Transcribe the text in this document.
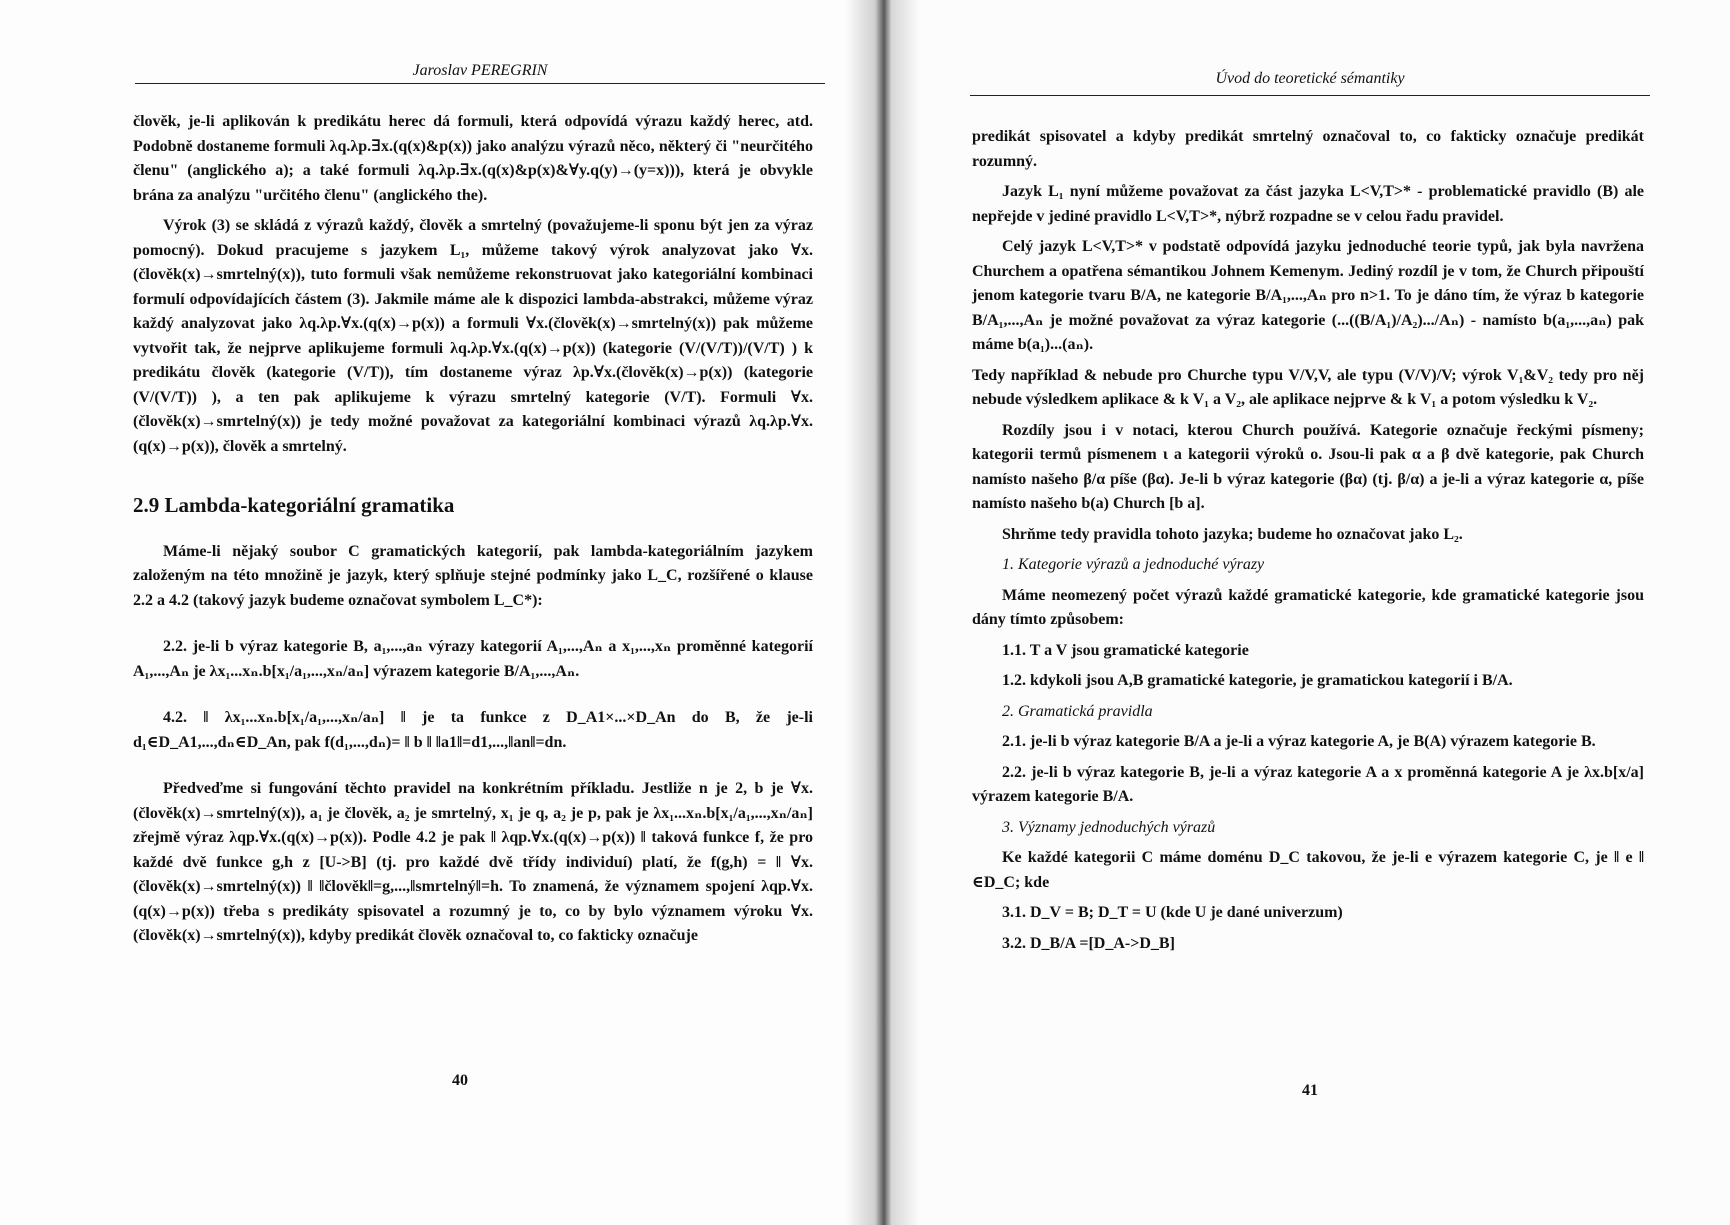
Jaroslav PEREGRIN

člověk, je-li aplikován k predikátu herec dá formuli, která odpovídá výrazu každý herec, atd. Podobně dostaneme formuli λq.λp.∃x.(q(x)&p(x)) jako analýzu výrazů něco, některý či "neurčitého členu" (anglického a); a také formuli λq.λp.∃x.(q(x)&p(x)&∀y.q(y)→(y=x))), která je obvykle brána za analýzu "určitého členu" (anglického the).

Výrok (3) se skládá z výrazů každý, člověk a smrtelný (považujeme-li sponu být jen za výraz pomocný). Dokud pracujeme s jazykem L₁, můžeme takový výrok analyzovat jako ∀x.(člověk(x)→smrtelný(x)), tuto formuli však nemůžeme rekonstruovat jako kategoriální kombinaci formulí odpovídajících částem (3). Jakmile máme ale k dispozici lambda-abstrakci, můžeme výraz každý analyzovat jako λq.λp.∀x.(q(x)→p(x)) a formuli ∀x.(člověk(x)→smrtelný(x)) pak můžeme vytvořit tak, že nejprve aplikujeme formuli λq.λp.∀x.(q(x)→p(x)) (kategorie (V/(V/T))/(V/T) ) k predikátu člověk (kategorie (V/T)), tím dostaneme výraz λp.∀x.(člověk(x)→p(x)) (kategorie (V/(V/T)) ), a ten pak aplikujeme k výrazu smrtelný kategorie (V/T). Formuli ∀x.(člověk(x)→smrtelný(x)) je tedy možné považovat za kategoriální kombinaci výrazů λq.λp.∀x.(q(x)→p(x)), člověk a smrtelný.

2.9 Lambda-kategoriální gramatika

Máme-li nějaký soubor C gramatických kategorií, pak lambda-kategoriálním jazykem založeným na této množině je jazyk, který splňuje stejné podmínky jako L_C, rozšířené o klause 2.2 a 4.2 (takový jazyk budeme označovat symbolem L_C*):

2.2. je-li b výraz kategorie B, a₁,...,aₙ výrazy kategorií A₁,...,Aₙ a x₁,...,xₙ proměnné kategorií A₁,...,Aₙ je λx₁...xₙ.b[x₁/a₁,...,xₙ/aₙ] výrazem kategorie B/A₁,...,Aₙ.

4.2. ‖ λx₁...xₙ.b[x₁/a₁,...,xₙ/aₙ] ‖ je ta funkce z D_A1×...×D_An do B, že je-li d₁∈D_A1,...,dₙ∈D_An, pak f(d₁,...,dₙ)= ‖ b ‖ ‖a1‖=d1,...,‖an‖=dn.

Předveďme si fungování těchto pravidel na konkrétním příkladu. Jestliže n je 2, b je ∀x.(člověk(x)→smrtelný(x)), a₁ je člověk, a₂ je smrtelný, x₁ je q, a₂ je p, pak je λx₁...xₙ.b[x₁/a₁,...,xₙ/aₙ] zřejmě výraz λqp.∀x.(q(x)→p(x)). Podle 4.2 je pak ‖ λqp.∀x.(q(x)→p(x)) ‖ taková funkce f, že pro každé dvě funkce g,h z [U->B] (tj. pro každé dvě třídy individuí) platí, že f(g,h) = ‖ ∀x.(člověk(x)→smrtelný(x)) ‖ ‖člověk‖=g,...,‖smrtelný‖=h. To znamená, že významem spojení λqp.∀x.(q(x)→p(x)) třeba s predikáty spisovatel a rozumný je to, co by bylo významem výroku ∀x.(člověk(x)→smrtelný(x)), kdyby predikát člověk označoval to, co fakticky označuje

40
Úvod do teoretické sémantiky

predikát spisovatel a kdyby predikát smrtelný označoval to, co fakticky označuje predikát rozumný.

Jazyk L₁ nyní můžeme považovat za část jazyka L<V,T>* - problematické pravidlo (B) ale nepřejde v jediné pravidlo L<V,T>*, nýbrž rozpadne se v celou řadu pravidel.

Celý jazyk L<V,T>* v podstatě odpovídá jazyku jednoduché teorie typů, jak byla navržena Churchem a opatřena sémantikou Johnem Kemenym. Jediný rozdíl je v tom, že Church připouští jenom kategorie tvaru B/A, ne kategorie B/A₁,...,Aₙ pro n>1. To je dáno tím, že výraz b kategorie B/A₁,...,Aₙ je možné považovat za výraz kategorie (...((B/A₁)/A₂).../Aₙ) - namísto b(a₁,...,aₙ) pak máme b(a₁)...(aₙ).

Tedy například & nebude pro Churche typu V/V,V, ale typu (V/V)/V; výrok V₁&V₂ tedy pro něj nebude výsledkem aplikace & k V₁ a V₂, ale aplikace nejprve & k V₁ a potom výsledku k V₂.

Rozdíly jsou i v notaci, kterou Church používá. Kategorie označuje řeckými písmeny; kategorii termů písmenem ι a kategorii výroků o. Jsou-li pak α a β dvě kategorie, pak Church namísto našeho β/α píše (βα). Je-li b výraz kategorie (βα) (tj. β/α) a je-li a výraz kategorie α, píše namísto našeho b(a) Church [b a].

Shrňme tedy pravidla tohoto jazyka; budeme ho označovat jako L₂.

1. Kategorie výrazů a jednoduché výrazy

Máme neomezený počet výrazů každé gramatické kategorie, kde gramatické kategorie jsou dány tímto způsobem:

1.1. T a V jsou gramatické kategorie

1.2. kdykoli jsou A,B gramatické kategorie, je gramatickou kategorií i B/A.

2. Gramatická pravidla

2.1. je-li b výraz kategorie B/A a je-li a výraz kategorie A, je B(A) výrazem kategorie B.

2.2. je-li b výraz kategorie B, je-li a výraz kategorie A a x proměnná kategorie A je λx.b[x/a] výrazem kategorie B/A.

3. Významy jednoduchých výrazů

Ke každé kategorii C máme doménu D_C takovou, že je-li e výrazem kategorie C, je ‖ e ‖ ∈D_C; kde

3.1. D_V = B; D_T = U (kde U je dané univerzum)

3.2. D_B/A =[D_A->D_B]

41
